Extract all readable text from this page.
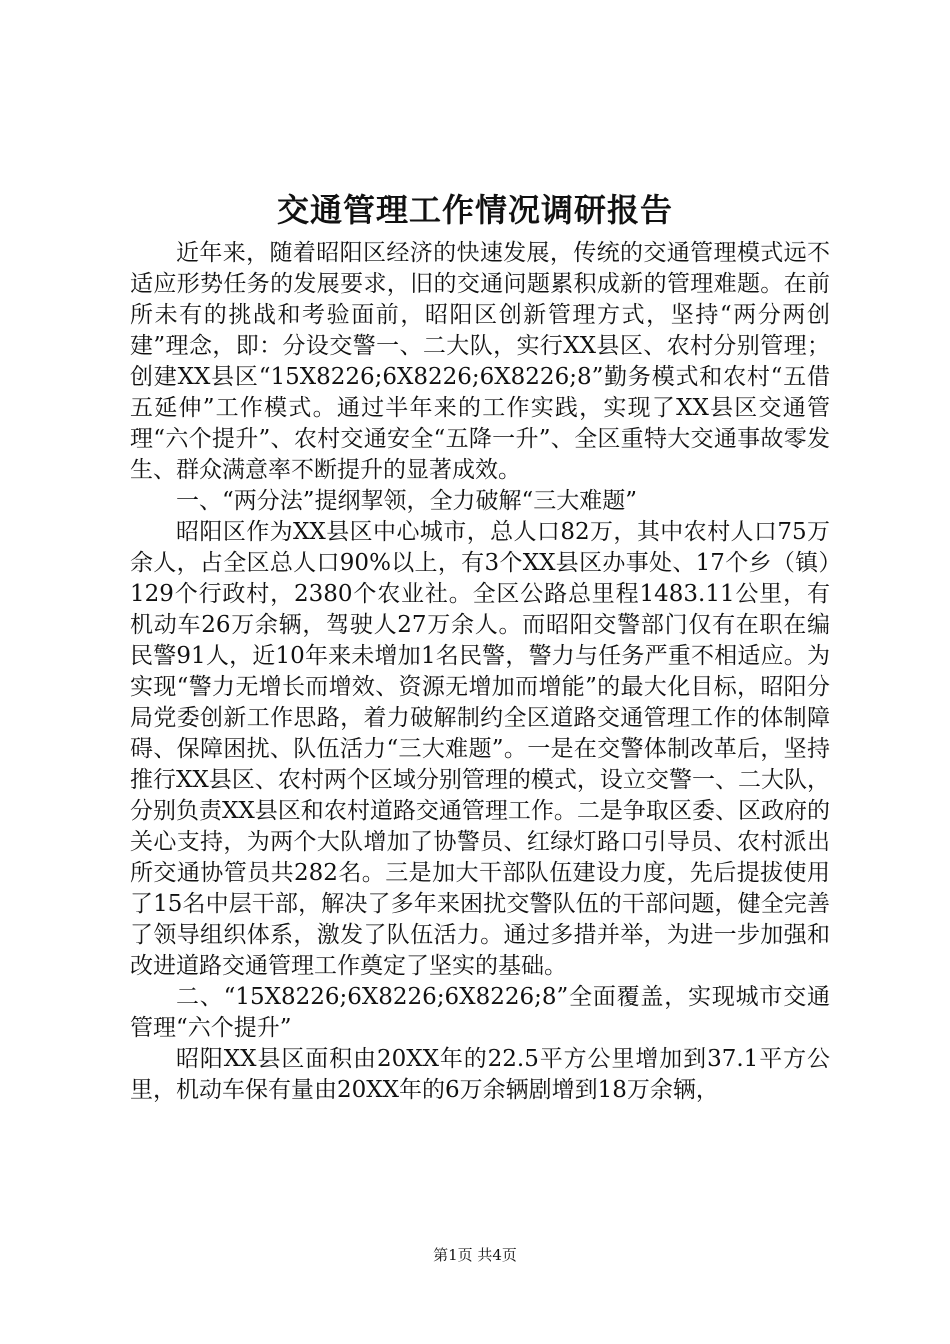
交通管理工作情况调研报告

近年来，随着昭阳区经济的快速发展，传统的交通管理模式远不适应形势任务的发展要求，旧的交通问题累积成新的管理难题。在前所未有的挑战和考验面前，昭阳区创新管理方式，坚持“两分两创建”理念，即：分设交警一、二大队，实行XX县区、农村分别管理；创建XX县区“15X8226;6X8226;6X8226;8”勤务模式和农村“五借五延伸”工作模式。通过半年来的工作实践，实现了XX县区交通管理“六个提升”、农村交通安全“五降一升”、全区重特大交通事故零发生、群众满意率不断提升的显著成效。

一、“两分法”提纲挈领，全力破解“三大难题”

昭阳区作为XX县区中心城市，总人口82万，其中农村人口75万余人，占全区总人口90%以上，有3个XX县区办事处、17个乡（镇）129个行政村，2380个农业社。全区公路总里程1483.11公里，有机动车26万余辆，驾驶人27万余人。而昭阳交警部门仅有在职在编民警91人，近10年来未增加1名民警，警力与任务严重不相适应。为实现“警力无增长而增效、资源无增加而增能”的最大化目标，昭阳分局党委创新工作思路，着力破解制约全区道路交通管理工作的体制障碍、保障困扰、队伍活力“三大难题”。一是在交警体制改革后，坚持推行XX县区、农村两个区域分别管理的模式，设立交警一、二大队，分别负责XX县区和农村道路交通管理工作。二是争取区委、区政府的关心支持，为两个大队增加了协警员、红绿灯路口引导员、农村派出所交通协管员共282名。三是加大干部队伍建设力度，先后提拔使用了15名中层干部，解决了多年来困扰交警队伍的干部问题，健全完善了领导组织体系，激发了队伍活力。通过多措并举，为进一步加强和改进道路交通管理工作奠定了坚实的基础。

二、“15X8226;6X8226;6X8226;8”全面覆盖，实现城市交通管理“六个提升”

昭阳XX县区面积由20XX年的22.5平方公里增加到37.1平方公里，机动车保有量由20XX年的6万余辆剧增到18万余辆，

第1页 共4页
